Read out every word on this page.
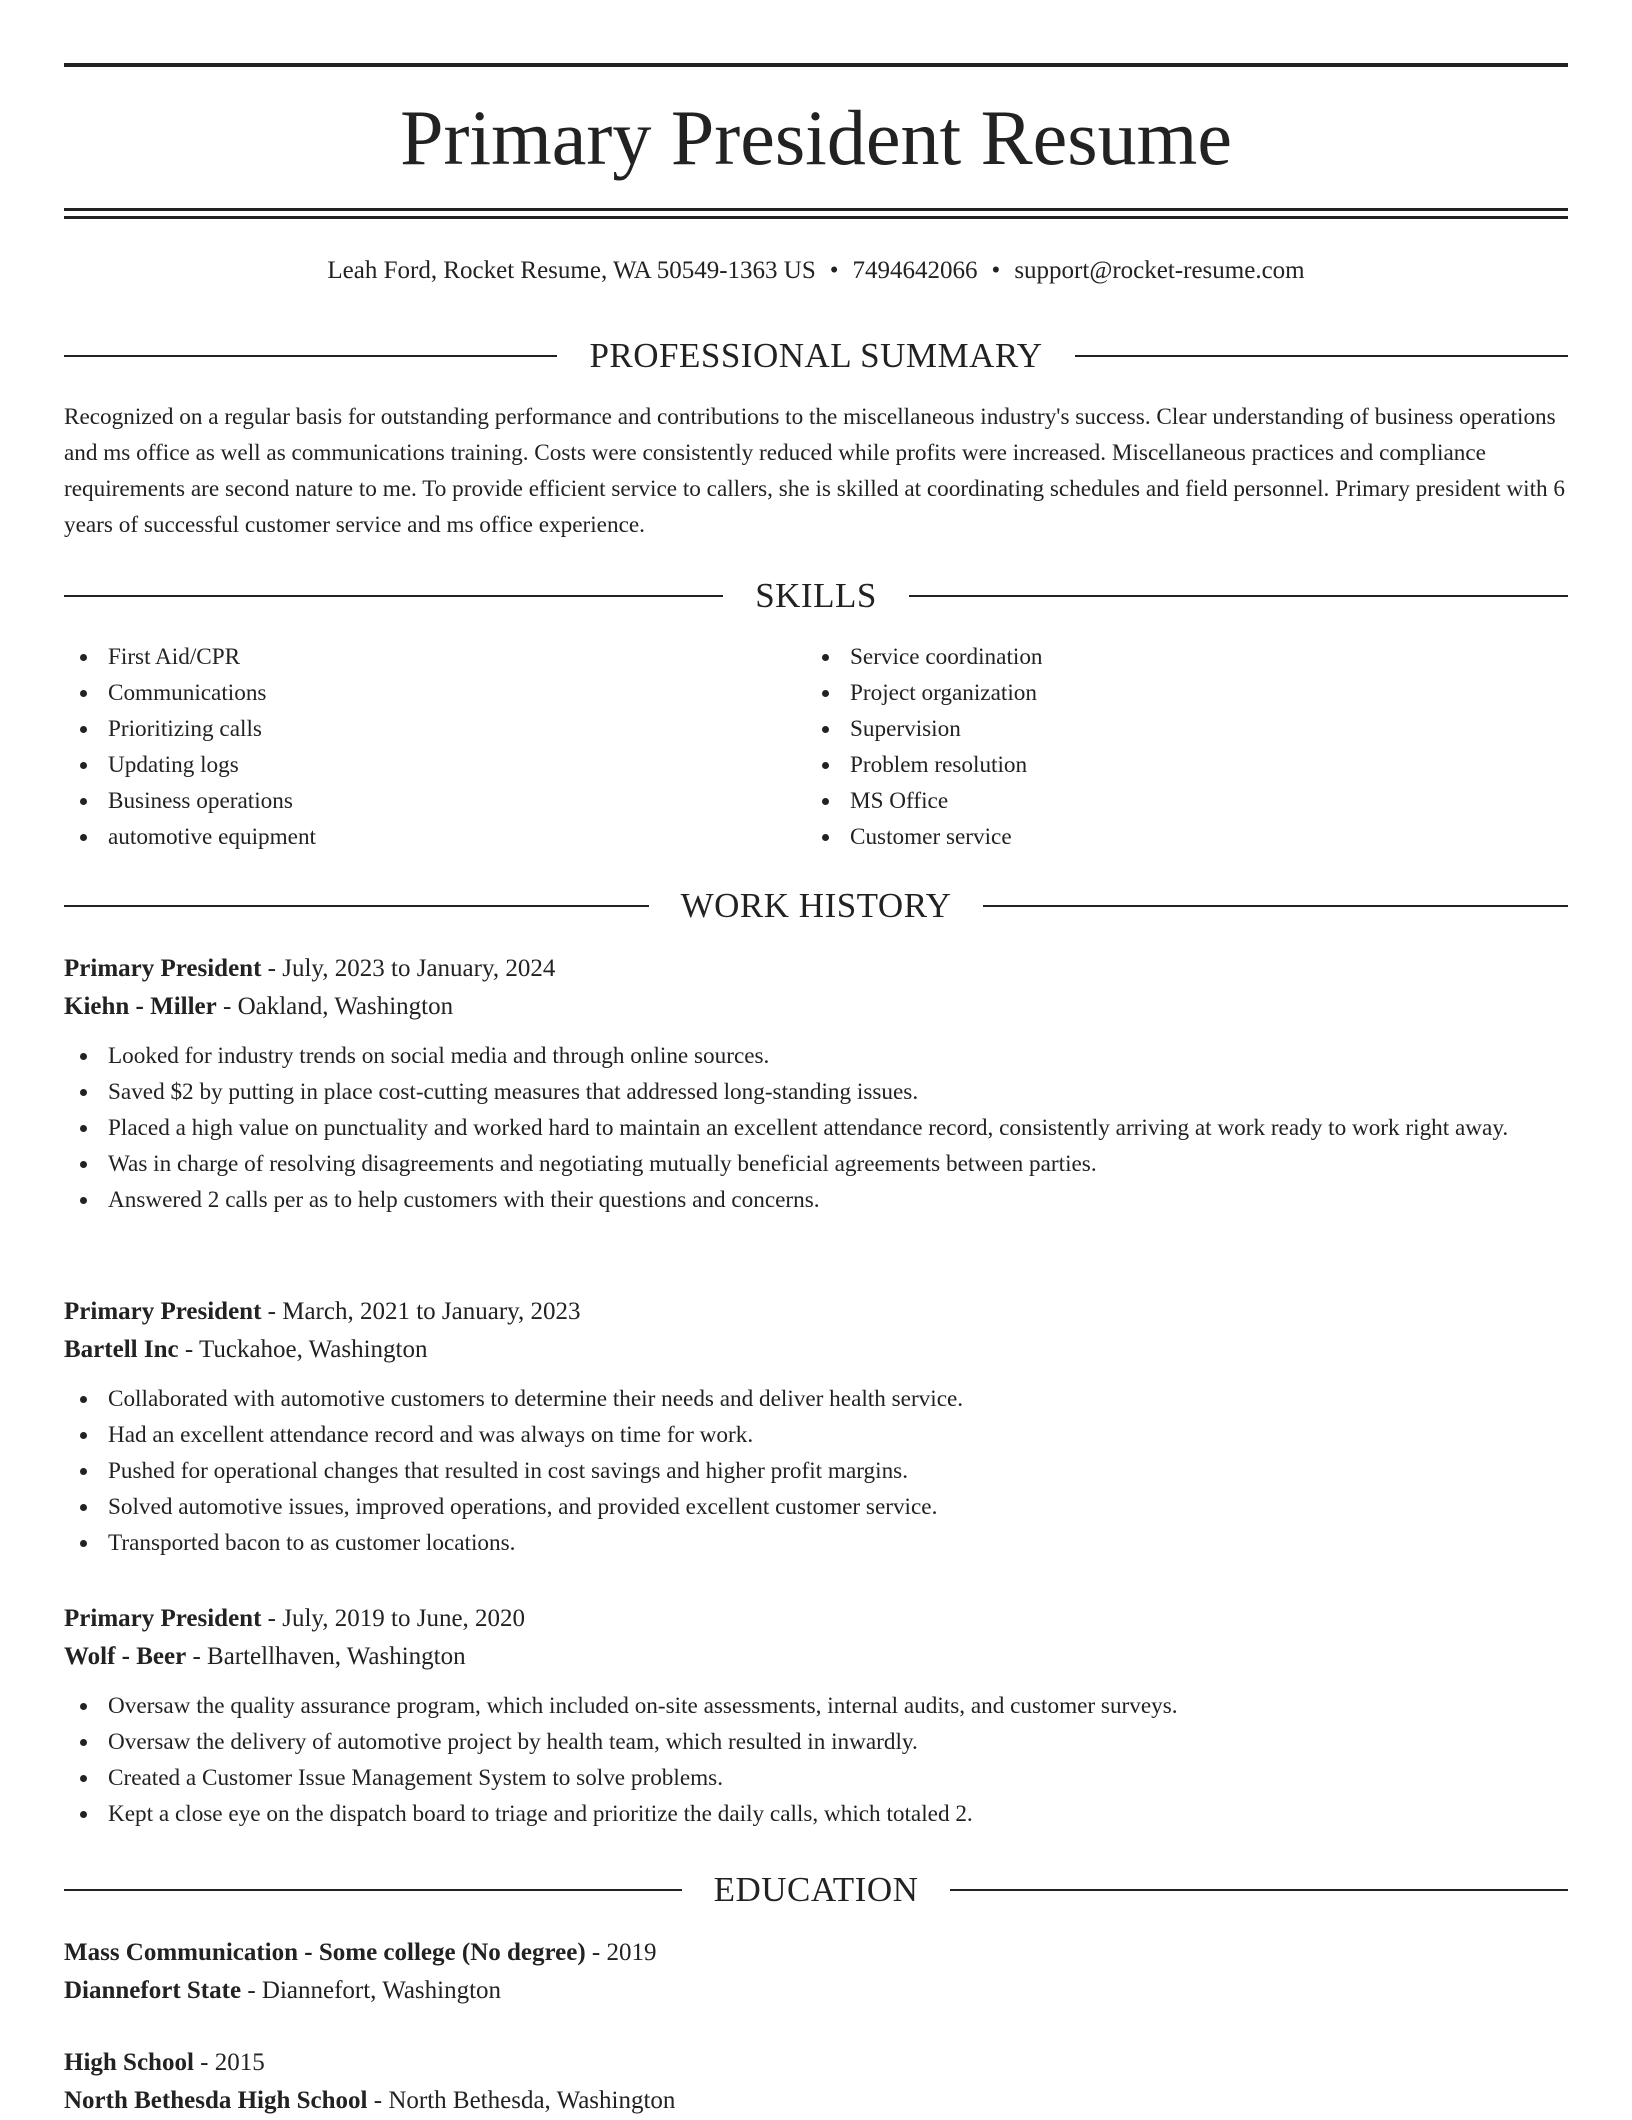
Primary President Resume
Leah Ford, Rocket Resume, WA 50549-1363 US • 7494642066 • support@rocket-resume.com
PROFESSIONAL SUMMARY

Recognized on a regular basis for outstanding performance and contributions to the miscellaneous industry's success. Clear understanding of business operations and ms office as well as communications training. Costs were consistently reduced while profits were increased. Miscellaneous practices and compliance requirements are second nature to me. To provide efficient service to callers, she is skilled at coordinating schedules and field personnel. Primary president with 6 years of successful customer service and ms office experience.

SKILLS
First Aid/CPR
Communications
Prioritizing calls
Updating logs
Business operations
automotive equipment
Service coordination
Project organization
Supervision
Problem resolution
MS Office
Customer service
WORK HISTORY
Primary President - July, 2023 to January, 2024
Kiehn - Miller - Oakland, Washington
Looked for industry trends on social media and through online sources.
Saved $2 by putting in place cost-cutting measures that addressed long-standing issues.
Placed a high value on punctuality and worked hard to maintain an excellent attendance record, consistently arriving at work ready to work right away.
Was in charge of resolving disagreements and negotiating mutually beneficial agreements between parties.
Answered 2 calls per as to help customers with their questions and concerns.
Primary President - March, 2021 to January, 2023
Bartell Inc - Tuckahoe, Washington
Collaborated with automotive customers to determine their needs and deliver health service.
Had an excellent attendance record and was always on time for work.
Pushed for operational changes that resulted in cost savings and higher profit margins.
Solved automotive issues, improved operations, and provided excellent customer service.
Transported bacon to as customer locations.
Primary President - July, 2019 to June, 2020
Wolf - Beer - Bartellhaven, Washington
Oversaw the quality assurance program, which included on-site assessments, internal audits, and customer surveys.
Oversaw the delivery of automotive project by health team, which resulted in inwardly.
Created a Customer Issue Management System to solve problems.
Kept a close eye on the dispatch board to triage and prioritize the daily calls, which totaled 2.
EDUCATION
Mass Communication - Some college (No degree) - 2019
Diannefort State - Diannefort, Washington
High School - 2015
North Bethesda High School - North Bethesda, Washington
